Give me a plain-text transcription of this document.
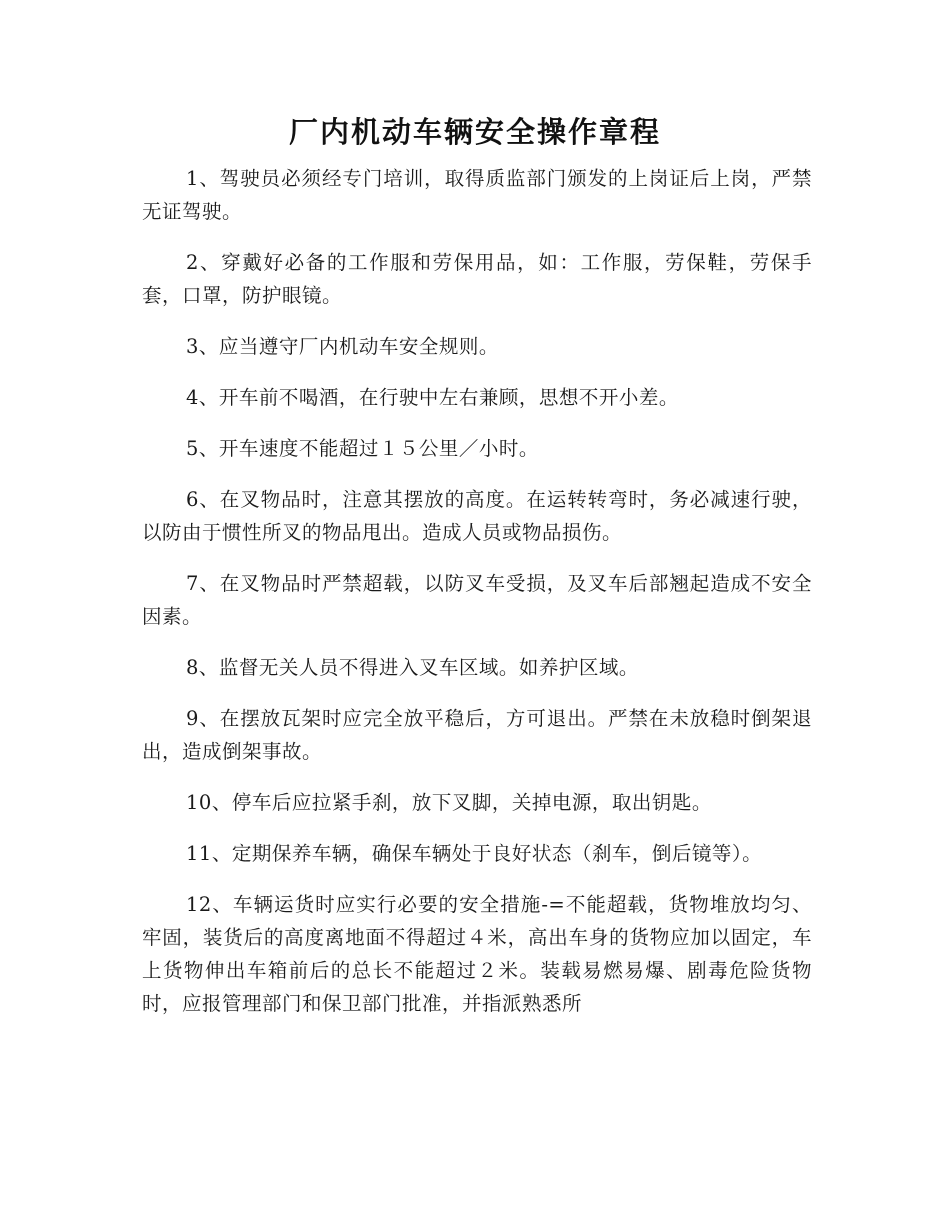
厂内机动车辆安全操作章程

1、驾驶员必须经专门培训，取得质监部门颁发的上岗证后上岗，严禁无证驾驶。

2、穿戴好必备的工作服和劳保用品，如：工作服，劳保鞋，劳保手套，口罩，防护眼镜。

3、应当遵守厂内机动车安全规则。

4、开车前不喝酒，在行驶中左右兼顾，思想不开小差。

5、开车速度不能超过１５公里／小时。

6、在叉物品时，注意其摆放的高度。在运转转弯时，务必减速行驶，以防由于惯性所叉的物品甩出。造成人员或物品损伤。

7、在叉物品时严禁超载，以防叉车受损，及叉车后部翘起造成不安全因素。

8、监督无关人员不得进入叉车区域。如养护区域。

9、在摆放瓦架时应完全放平稳后，方可退出。严禁在未放稳时倒架退出，造成倒架事故。

10、停车后应拉紧手刹，放下叉脚，关掉电源，取出钥匙。

11、定期保养车辆，确保车辆处于良好状态（刹车，倒后镜等）。

12、车辆运货时应实行必要的安全措施-=不能超载，货物堆放均匀、牢固，装货后的高度离地面不得超过４米，高出车身的货物应加以固定，车上货物伸出车箱前后的总长不能超过２米。装载易燃易爆、剧毒危险货物时，应报管理部门和保卫部门批准，并指派熟悉所
